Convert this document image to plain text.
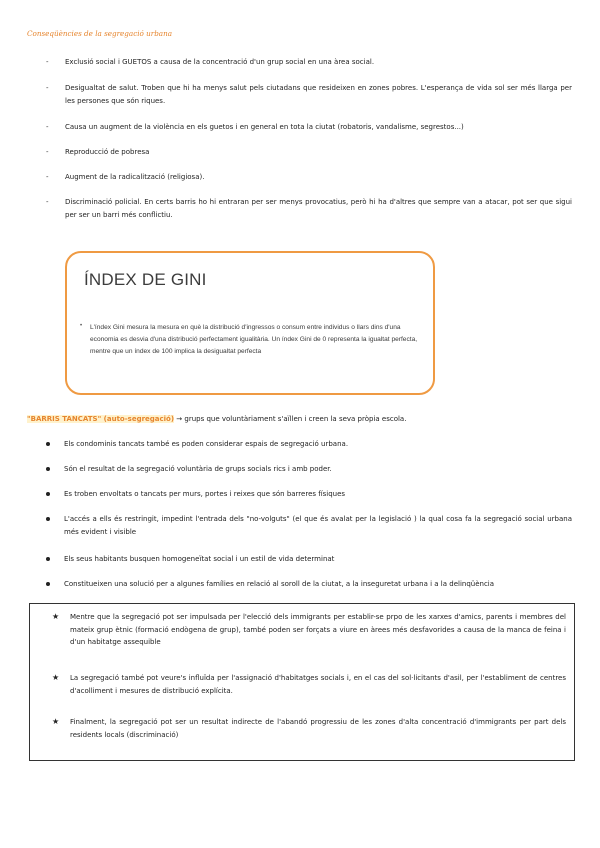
Conseqüències de la segregació urbana
- Exclusió social i GUETOS a causa de la concentració d'un grup social en una àrea social.
- Desigualtat de salut. Troben que hi ha menys salut pels ciutadans que resideixen en zones pobres. L'esperança de vida sol ser més llarga per les persones que són riques.
- Causa un augment de la violència en els guetos i en general en tota la ciutat (robatoris, vandalisme, segrestos...)
- Reproducció de pobresa
- Augment de la radicalització (religiosa).
- Discriminació policial. En certs barris ho hi entraran per ser menys provocatius, però hi ha d'altres que sempre van a atacar, pot ser que sigui per ser un barri més conflictiu.
ÍNDEX DE GINI
• L'índex Gini mesura la mesura en què la distribució d'ingressos o consum entre individus o llars dins d'una economia es desvia d'una distribució perfectament igualitària. Un índex Gini de 0 representa la igualtat perfecta, mentre que un índex de 100 implica la desigualtat perfecta
"BARRIS TANCATS" (auto-segregació) → grups que voluntàriament s'aïllen i creen la seva pròpia escola.
Els condominis tancats també es poden considerar espais de segregació urbana.
Són el resultat de la segregació voluntària de grups socials rics i amb poder.
Es troben envoltats o tancats per murs, portes i reixes que són barreres físiques
L'accés a ells és restringit, impedint l'entrada dels "no-volguts" (el que és avalat per la legislació ) la qual cosa fa la segregació social urbana més evident i visible
Els seus habitants busquen homogeneïtat social i un estil de vida determinat
Constitueixen una solució per a algunes famílies en relació al soroll de la ciutat, a la inseguretat urbana i a la delinqüència
★ Mentre que la segregació pot ser impulsada per l'elecció dels immigrants per establir-se prpo de les xarxes d'amics, parents i membres del mateix grup ètnic (formació endògena de grup), també poden ser forçats a viure en àrees més desfavorides a causa de la manca de feina i d'un habitatge assequible
★ La segregació també pot veure's influïda per l'assignació d'habitatges socials i, en el cas del sol·licitants d'asil, per l'establiment de centres d'acolliment i mesures de distribució explícita.
★ Finalment, la segregació pot ser un resultat indirecte de l'abandó progressiu de les zones d'alta concentració d'immigrants per part dels residents locals (discriminació)
